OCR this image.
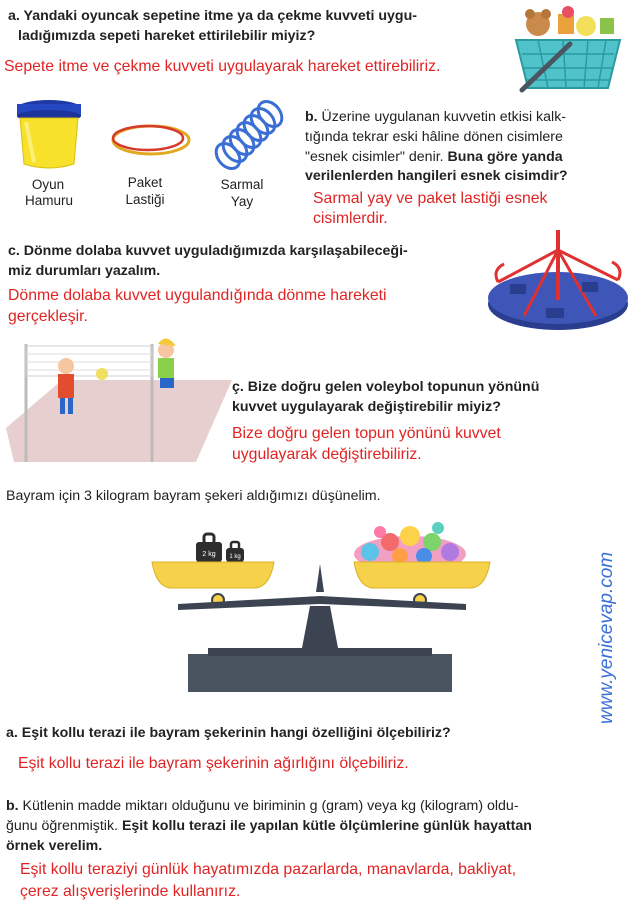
a. Yandaki oyuncak sepetine itme ya da çekme kuvveti uygu-
ladığımızda sepeti hareket ettirilebilir miyiz?
Sepete itme ve çekme kuvveti uygulayarak hareket ettirebiliriz.
Oyun
Hamuru
Paket
Lastiği
Sarmal
Yay
b. Üzerine uygulanan kuvvetin etkisi kalk-
tığında tekrar eski hâline dönen cisimlere
"esnek cisimler" denir. Buna göre yanda
verilenlerden hangileri esnek cisimdir?
Sarmal yay ve paket lastiği esnek
cisimlerdir.
c. Dönme dolaba kuvvet uyguladığımızda karşılaşabileceği-
miz durumları yazalım.
Dönme dolaba kuvvet uygulandığında dönme hareketi
gerçekleşir.
ç. Bize doğru gelen voleybol topunun yönünü
kuvvet uygulayarak değiştirebilir miyiz?
Bize doğru gelen topun yönünü kuvvet
uygulayarak değiştirebiliriz.
Bayram için 3 kilogram bayram şekeri aldığımızı düşünelim.
2 kg 1 kg	www.yenicevap.com
a. Eşit kollu terazi ile bayram şekerinin hangi özelliğini ölçebiliriz?
Eşit kollu terazi ile bayram şekerinin ağırlığını ölçebiliriz.
b. Kütlenin madde miktarı olduğunu ve biriminin g (gram) veya kg (kilogram) oldu-
ğunu öğrenmiştik. Eşit kollu terazi ile yapılan kütle ölçümlerine günlük hayattan
örnek verelim.
Eşit kollu teraziyi günlük hayatımızda pazarlarda, manavlarda, bakliyat,
çerez alışverişlerinde kullanırız.
